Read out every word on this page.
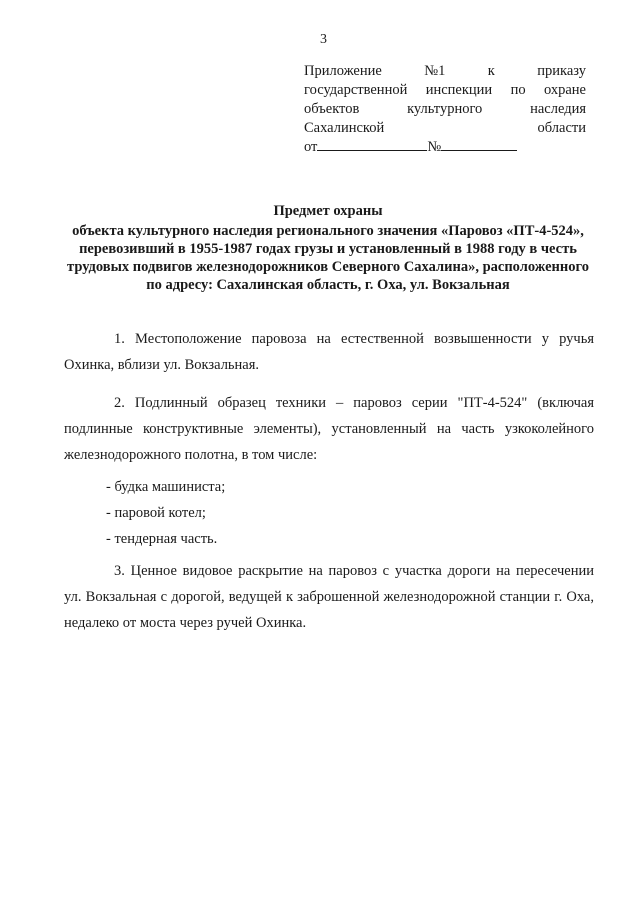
3
Приложение	№1	к	приказу
государственной инспекции по охране
объектов	культурного	наследия
Сахалинской	области
от	№
Предмет охраны
объекта культурного наследия регионального значения «Паровоз «ПТ-4-524», перевозивший в 1955-1987 годах грузы и установленный в 1988 году в честь трудовых подвигов железнодорожников Северного Сахалина», расположенного по адресу: Сахалинская область, г. Оха, ул. Вокзальная

1. Местоположение паровоза на естественной возвышенности у ручья Охинка, вблизи ул. Вокзальная.

2. Подлинный образец техники – паровоз серии "ПТ-4-524" (включая подлинные конструктивные элементы), установленный на часть узкоколейного железнодорожного полотна, в том числе:

- будка машиниста;
- паровой котел;
- тендерная часть.

3. Ценное видовое раскрытие на паровоз с участка дороги на пересечении ул. Вокзальная с дорогой, ведущей к заброшенной железнодорожной станции г. Оха, недалеко от моста через ручей Охинка.
